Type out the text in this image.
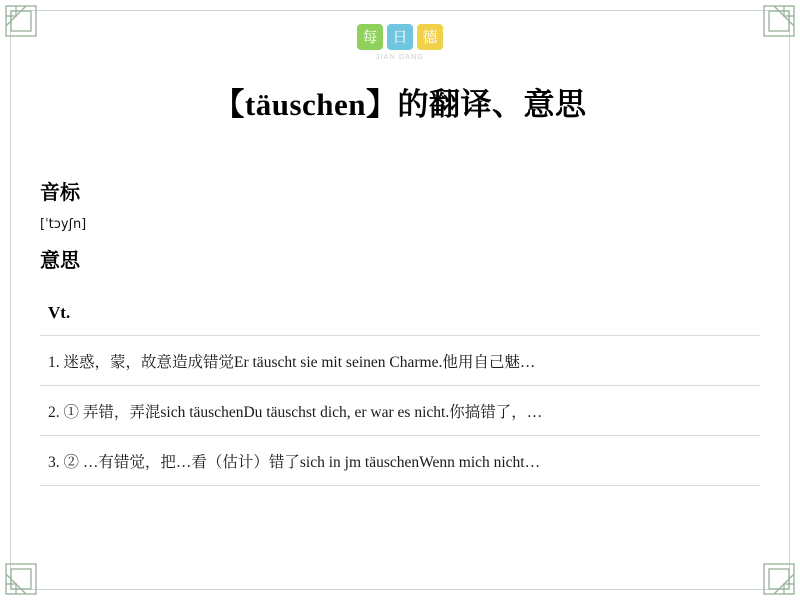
每 日 德
JIAN DANG
【täuschen】的翻译、意思
音标
[ˈtɔyʃn]
意思
Vt.
1. 迷惑，蒙，故意造成错觉Er täuscht sie mit seinen Charme.他用自己魅…
2. ① 弄错，弄混sich täuschenDu täuschst dich, er war es nicht.你搞错了，…
3. ② …有错觉，把…看（估计）错了sich in jm täuschenWenn mich nicht…
